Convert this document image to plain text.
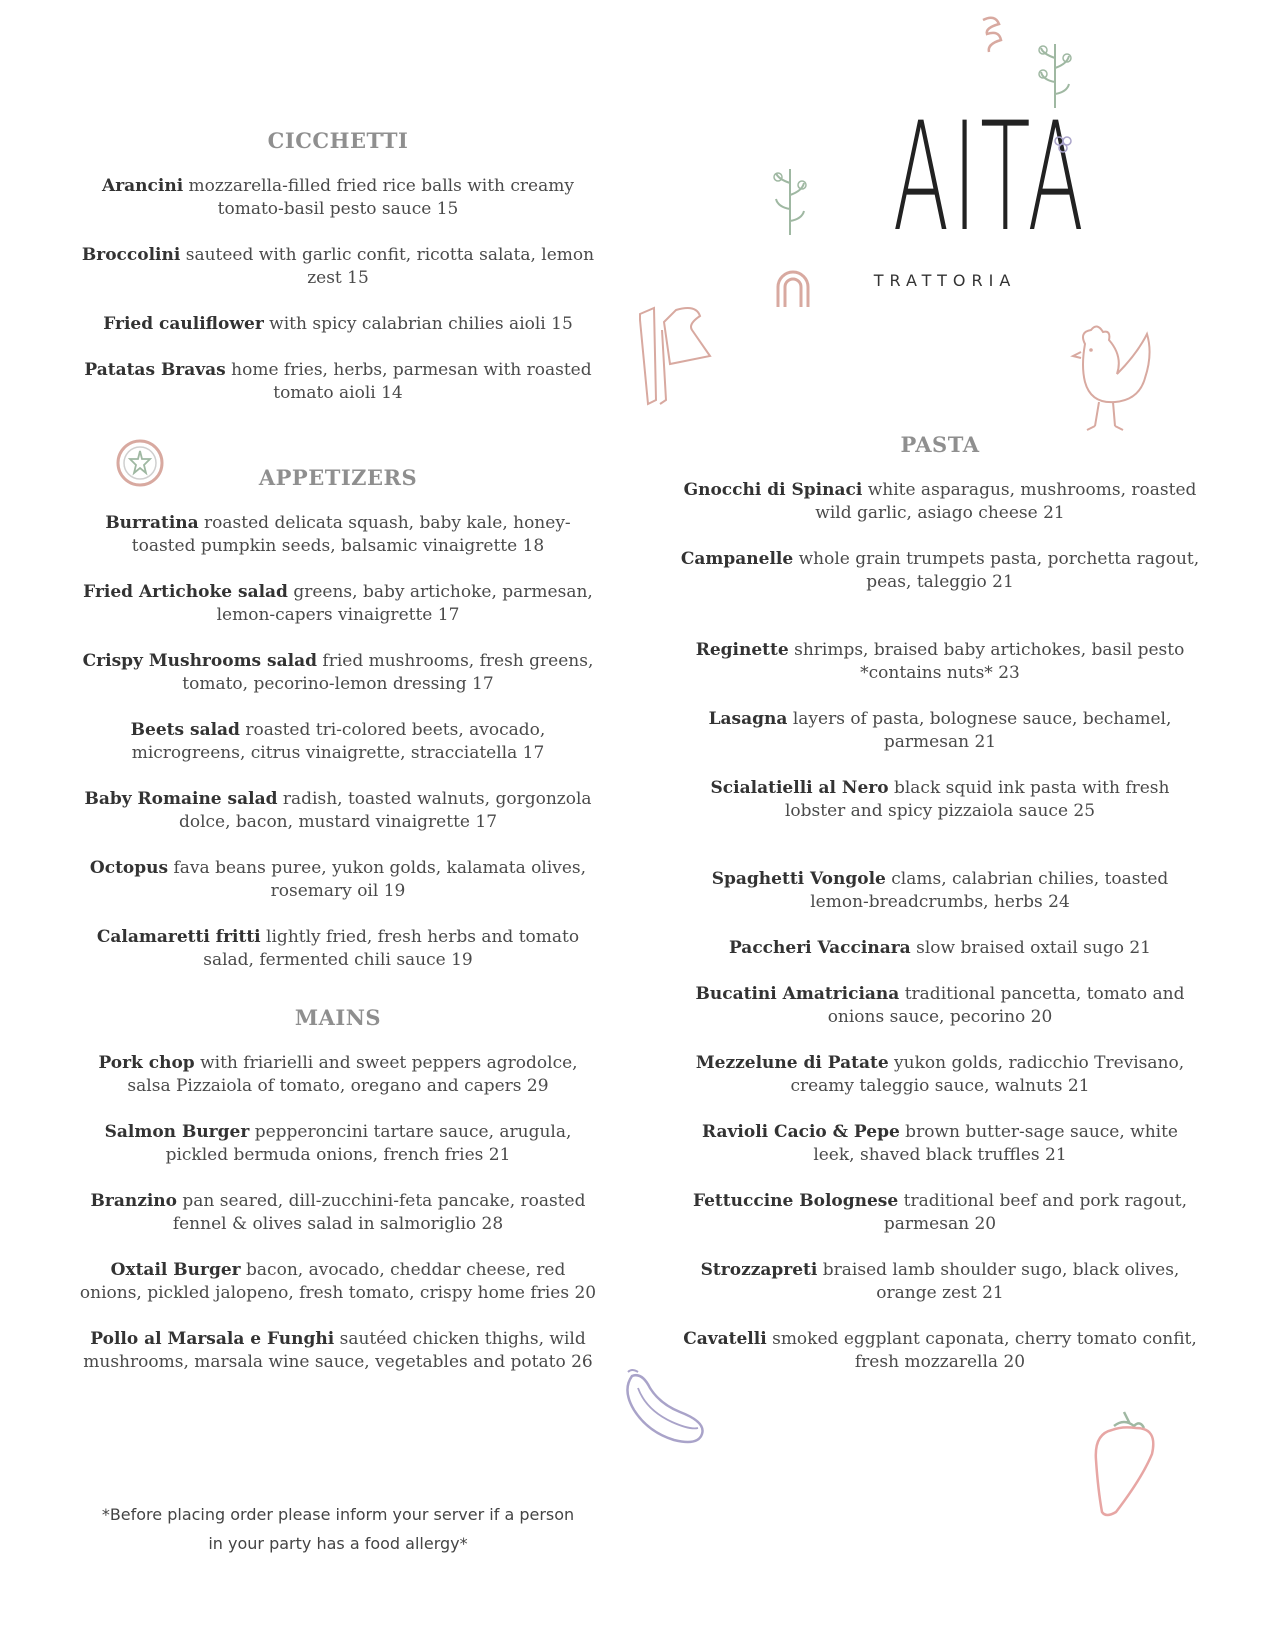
CICCHETTI
Arancini mozzarella-filled fried rice balls with creamy tomato-basil pesto sauce 15
Broccolini sauteed with garlic confit, ricotta salata, lemon zest 15
Fried cauliflower with spicy calabrian chilies aioli 15
Patatas Bravas home fries, herbs, parmesan with roasted tomato aioli 14
APPETIZERS
Burratina roasted delicata squash, baby kale, honey-toasted pumpkin seeds, balsamic vinaigrette 18
Fried Artichoke salad greens, baby artichoke, parmesan, lemon-capers vinaigrette 17
Crispy Mushrooms salad fried mushrooms, fresh greens, tomato, pecorino-lemon dressing 17
Beets salad roasted tri-colored beets, avocado, microgreens, citrus vinaigrette, stracciatella 17
Baby Romaine salad radish, toasted walnuts, gorgonzola dolce, bacon, mustard vinaigrette 17
Octopus fava beans puree, yukon golds, kalamata olives, rosemary oil 19
Calamaretti fritti lightly fried, fresh herbs and tomato salad, fermented chili sauce 19
MAINS
Pork chop with friarielli and sweet peppers agrodolce, salsa Pizzaiola of tomato, oregano and capers 29
Salmon Burger pepperoncini tartare sauce, arugula, pickled bermuda onions, french fries 21
Branzino pan seared, dill-zucchini-feta pancake, roasted fennel & olives salad in salmoriglio 28
Oxtail Burger bacon, avocado, cheddar cheese, red onions, pickled jalopeno, fresh tomato, crispy home fries 20
Pollo al Marsala e Funghi sautéed chicken thighs, wild mushrooms, marsala wine sauce, vegetables and potato 26
PASTA
Gnocchi di Spinaci white asparagus, mushrooms, roasted wild garlic, asiago cheese 21
Campanelle whole grain trumpets pasta, porchetta ragout, peas, taleggio 21
Reginette shrimps, braised baby artichokes, basil pesto *contains nuts* 23
Lasagna layers of pasta, bolognese sauce, bechamel, parmesan 21
Scialatielli al Nero black squid ink pasta with fresh lobster and spicy pizzaiola sauce 25
Spaghetti Vongole clams, calabrian chilies, toasted lemon-breadcrumbs, herbs 24
Paccheri Vaccinara slow braised oxtail sugo 21
Bucatini Amatriciana traditional pancetta, tomato and onions sauce, pecorino 20
Mezzelune di Patate yukon golds, radicchio Trevisano, creamy taleggio sauce, walnuts 21
Ravioli Cacio & Pepe brown butter-sage sauce, white leek, shaved black truffles 21
Fettuccine Bolognese traditional beef and pork ragout, parmesan 20
Strozzapreti braised lamb shoulder sugo, black olives, orange zest 21
Cavatelli smoked eggplant caponata, cherry tomato confit, fresh mozzarella 20
AITA
TRATTORIA
*Before placing order please inform your server if a person
in your party has a food allergy*
